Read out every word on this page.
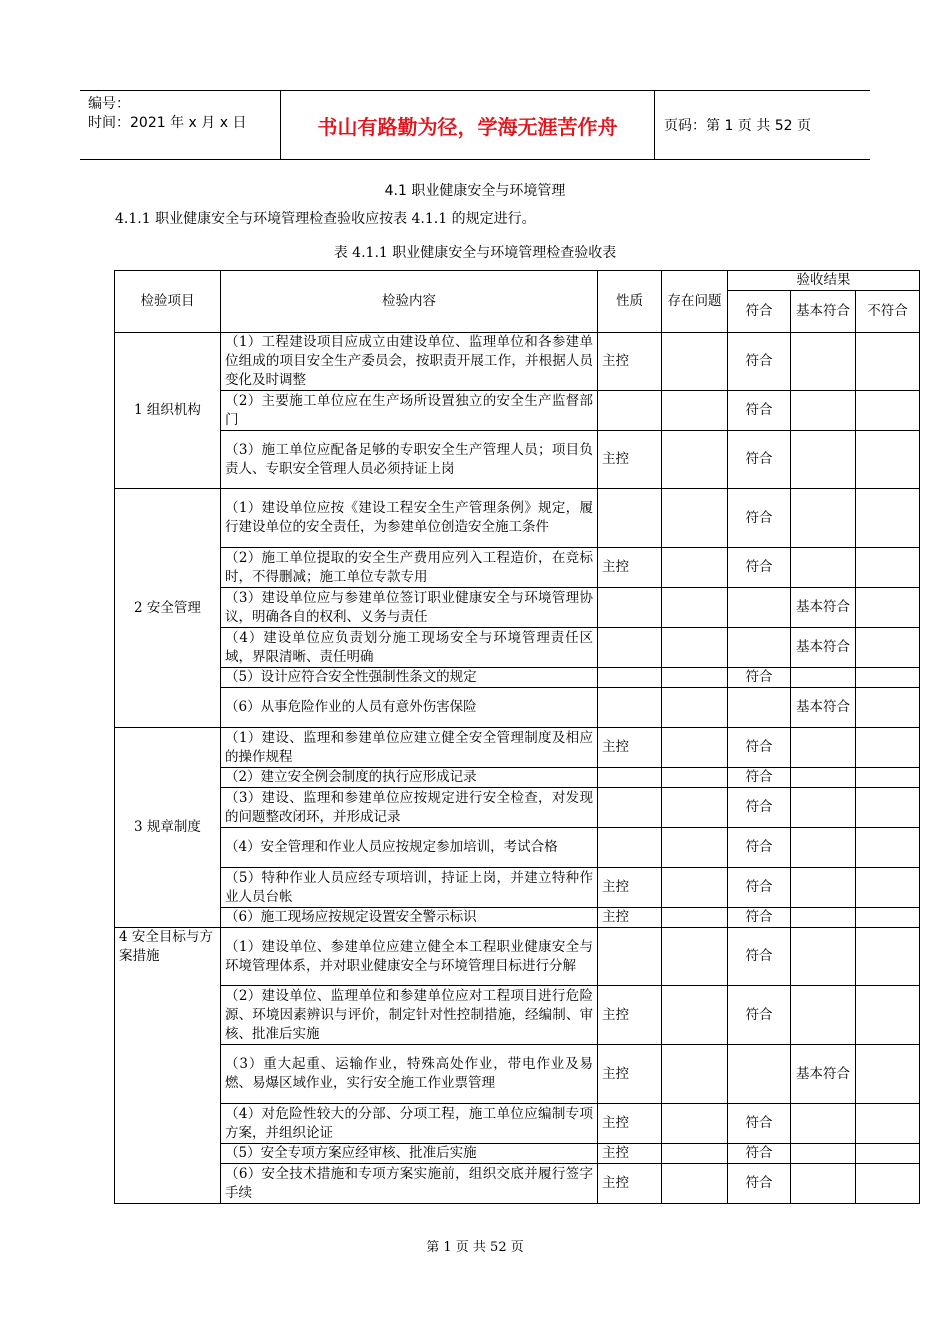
编号：
时间：2021 年 x 月 x 日	书山有路勤为径，学海无涯苦作舟	页码：第 1 页 共 52 页
4.1 职业健康安全与环境管理
4.1.1 职业健康安全与环境管理检查验收应按表 4.1.1 的规定进行。
表 4.1.1 职业健康安全与环境管理检查验收表
检验项目	检验内容	性质	存在问题	验收结果		
				符合	基本符合	不符合
1 组织机构	（1）工程建设项目应成立由建设单位、监理单位和各参建单位组成的项目安全生产委员会，按职责开展工作，并根据人员变化及时调整	主控		符合		
	（2）主要施工单位应在生产场所设置独立的安全生产监督部门			符合		
	（3）施工单位应配备足够的专职安全生产管理人员；项目负责人、专职安全管理人员必须持证上岗	主控		符合		
2 安全管理	（1）建设单位应按《建设工程安全生产管理条例》规定，履行建设单位的安全责任，为参建单位创造安全施工条件			符合		
	（2）施工单位提取的安全生产费用应列入工程造价，在竞标时，不得删减；施工单位专款专用	主控		符合		
	（3）建设单位应与参建单位签订职业健康安全与环境管理协议，明确各自的权利、义务与责任				基本符合	
	（4）建设单位应负责划分施工现场安全与环境管理责任区域，界限清晰、责任明确				基本符合	
	（5）设计应符合安全性强制性条文的规定			符合		
	（6）从事危险作业的人员有意外伤害保险				基本符合	
3 规章制度	（1）建设、监理和参建单位应建立健全安全管理制度及相应的操作规程	主控		符合		
	（2）建立安全例会制度的执行应形成记录			符合		
	（3）建设、监理和参建单位应按规定进行安全检查，对发现的问题整改闭环，并形成记录			符合		
	（4）安全管理和作业人员应按规定参加培训，考试合格			符合		
	（5）特种作业人员应经专项培训，持证上岗，并建立特种作业人员台帐	主控		符合		
	（6）施工现场应按规定设置安全警示标识	主控		符合		
4 安全目标与方案措施	（1）建设单位、参建单位应建立健全本工程职业健康安全与环境管理体系，并对职业健康安全与环境管理目标进行分解			符合		
	（2）建设单位、监理单位和参建单位应对工程项目进行危险源、环境因素辨识与评价，制定针对性控制措施，经编制、审核、批准后实施	主控		符合		
	（3）重大起重、运输作业，特殊高处作业，带电作业及易燃、易爆区域作业，实行安全施工作业票管理	主控			基本符合	
	（4）对危险性较大的分部、分项工程，施工单位应编制专项方案，并组织论证	主控		符合		
	（5）安全专项方案应经审核、批准后实施	主控		符合		
	（6）安全技术措施和专项方案实施前，组织交底并履行签字手续	主控		符合		
第 1 页 共 52 页
